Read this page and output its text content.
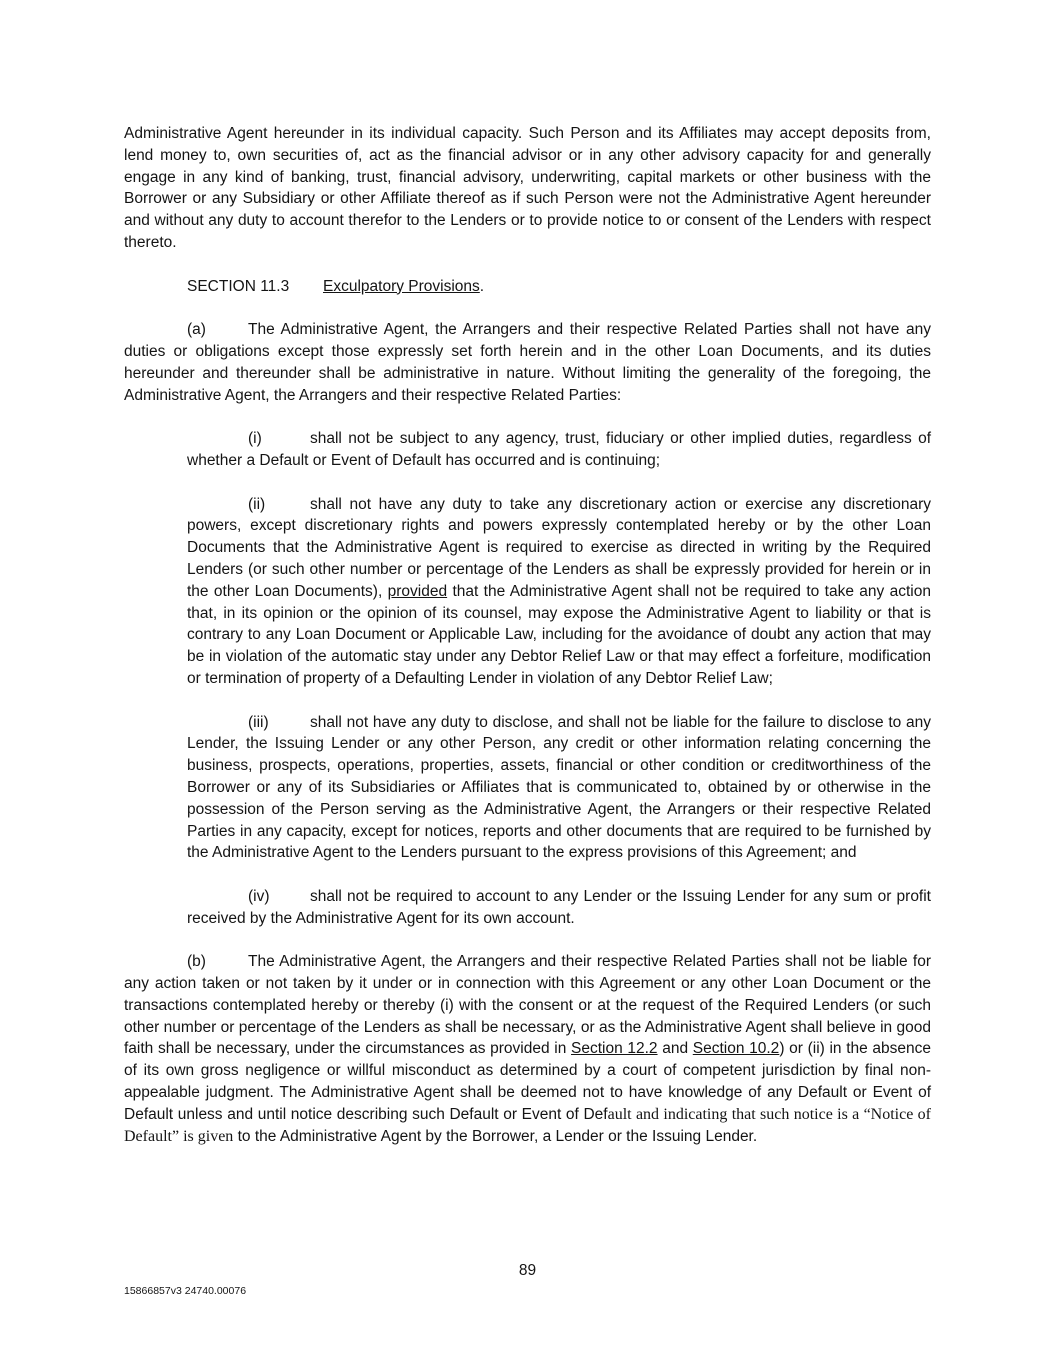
Administrative Agent hereunder in its individual capacity. Such Person and its Affiliates may accept deposits from, lend money to, own securities of, act as the financial advisor or in any other advisory capacity for and generally engage in any kind of banking, trust, financial advisory, underwriting, capital markets or other business with the Borrower or any Subsidiary or other Affiliate thereof as if such Person were not the Administrative Agent hereunder and without any duty to account therefor to the Lenders or to provide notice to or consent of the Lenders with respect thereto.

SECTION 11.3 Exculpatory Provisions.

(a)	The Administrative Agent, the Arrangers and their respective Related Parties shall not have any duties or obligations except those expressly set forth herein and in the other Loan Documents, and its duties hereunder and thereunder shall be administrative in nature. Without limiting the generality of the foregoing, the Administrative Agent, the Arrangers and their respective Related Parties:

(i)	shall not be subject to any agency, trust, fiduciary or other implied duties, regardless of whether a Default or Event of Default has occurred and is continuing;

(ii)	shall not have any duty to take any discretionary action or exercise any discretionary powers, except discretionary rights and powers expressly contemplated hereby or by the other Loan Documents that the Administrative Agent is required to exercise as directed in writing by the Required Lenders (or such other number or percentage of the Lenders as shall be expressly provided for herein or in the other Loan Documents), provided that the Administrative Agent shall not be required to take any action that, in its opinion or the opinion of its counsel, may expose the Administrative Agent to liability or that is contrary to any Loan Document or Applicable Law, including for the avoidance of doubt any action that may be in violation of the automatic stay under any Debtor Relief Law or that may effect a forfeiture, modification or termination of property of a Defaulting Lender in violation of any Debtor Relief Law;

(iii)	shall not have any duty to disclose, and shall not be liable for the failure to disclose to any Lender, the Issuing Lender or any other Person, any credit or other information relating concerning the business, prospects, operations, properties, assets, financial or other condition or creditworthiness of the Borrower or any of its Subsidiaries or Affiliates that is communicated to, obtained by or otherwise in the possession of the Person serving as the Administrative Agent, the Arrangers or their respective Related Parties in any capacity, except for notices, reports and other documents that are required to be furnished by the Administrative Agent to the Lenders pursuant to the express provisions of this Agreement; and

(iv)	shall not be required to account to any Lender or the Issuing Lender for any sum or profit received by the Administrative Agent for its own account.

(b)	The Administrative Agent, the Arrangers and their respective Related Parties shall not be liable for any action taken or not taken by it under or in connection with this Agreement or any other Loan Document or the transactions contemplated hereby or thereby (i) with the consent or at the request of the Required Lenders (or such other number or percentage of the Lenders as shall be necessary, or as the Administrative Agent shall believe in good faith shall be necessary, under the circumstances as provided in Section 12.2 and Section 10.2) or (ii) in the absence of its own gross negligence or willful misconduct as determined by a court of competent jurisdiction by final non-appealable judgment. The Administrative Agent shall be deemed not to have knowledge of any Default or Event of Default unless and until notice describing such Default or Event of Default and indicating that such notice is a “Notice of Default” is given to the Administrative Agent by the Borrower, a Lender or the Issuing Lender.

89
15866857v3 24740.00076
